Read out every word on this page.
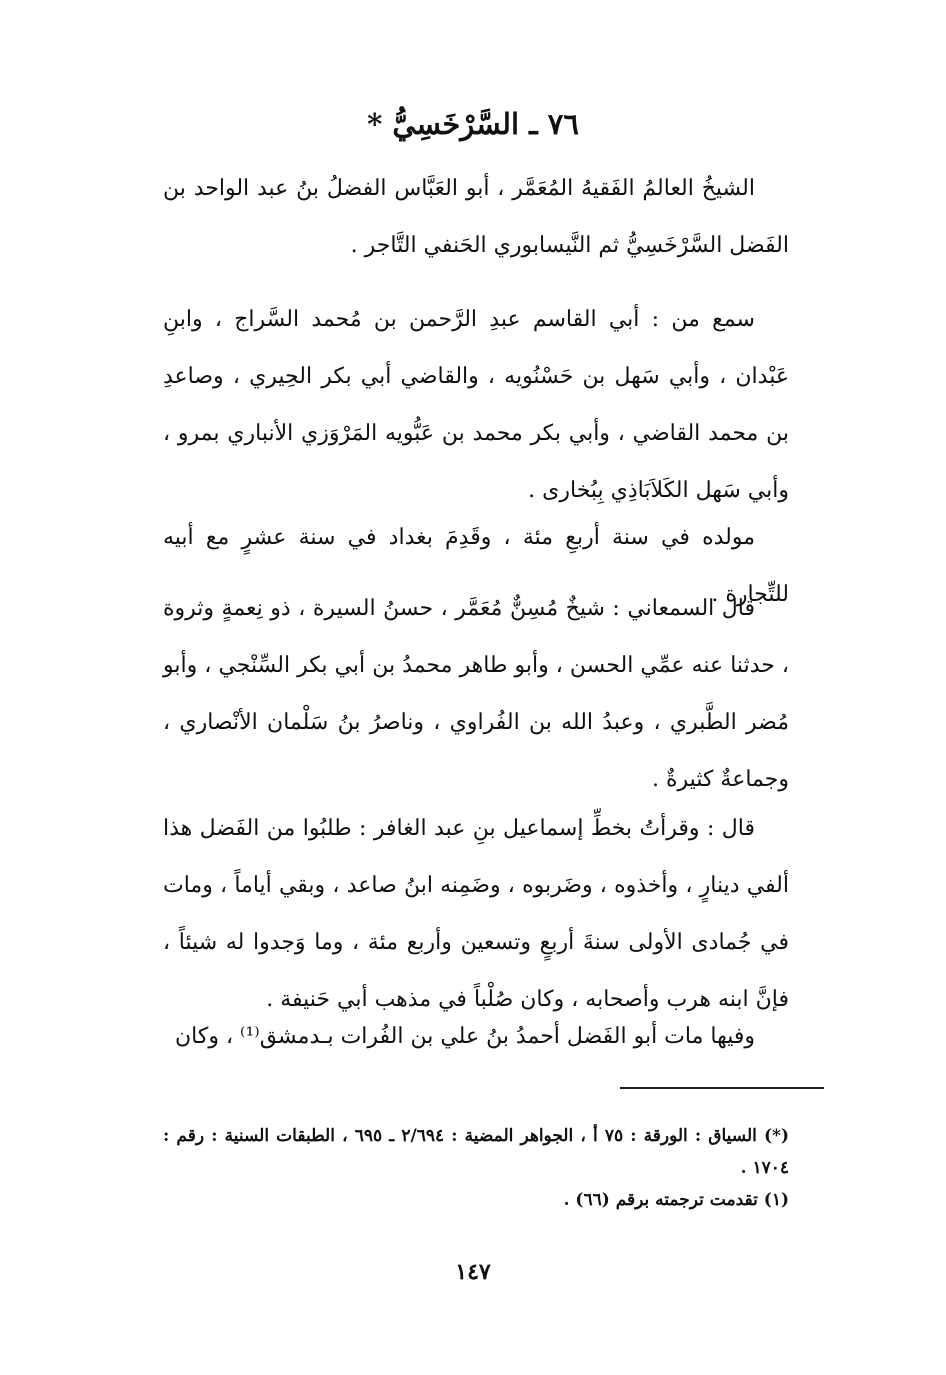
٧٦ ـ السَّرْخَسِيُّ *

الشيخُ العالمُ الفَقيهُ المُعَمَّر ، أبو العَبَّاس الفضلُ بنُ عبد الواحد بن الفَضل السَّرْخَسِيُّ ثم النَّيسابوري الحَنفي التَّاجر .

سمع من : أبي القاسم عبدِ الرَّحمن بن مُحمد السَّراج ، وابنِ عَبْدان ، وأبي سَهل بن حَسْنُويه ، والقاضي أبي بكر الحِيري ، وصاعدِ بن محمد القاضي ، وأبي بكر محمد بن عَبُّويه المَرْوَزي الأنباري بمرو ، وأبي سَهل الكَلاَبَاذِي بِبُخارى .

مولده في سنة أربعِ مئة ، وقَدِمَ بغداد في سنة عشرٍ مع أبيه للتِّجارة .

قال السمعاني : شيخٌ مُسِنٌّ مُعَمَّر ، حسنُ السيرة ، ذو نِعمةٍ وثروة ، حدثنا عنه عمِّي الحسن ، وأبو طاهر محمدُ بن أبي بكر السِّنْجي ، وأبو مُضر الطَّبري ، وعبدُ الله بن الفُراوي ، وناصرُ بنُ سَلْمان الأنْصاري ، وجماعةٌ كثيرةٌ .

قال : وقرأتُ بخطِّ إسماعيل بنِ عبد الغافر : طلبُوا من الفَضل هذا ألفي دينارٍ ، وأخذوه ، وضَربوه ، وضَمِنه ابنُ صاعد ، وبقي أياماً ، ومات في جُمادى الأولى سنةَ أربعٍ وتسعين وأربع مئة ، وما وَجدوا له شيئاً ، فإنَّ ابنه هرب وأصحابه ، وكان صُلْباً في مذهب أبي حَنيفة .

وفيها مات أبو الفَضل أحمدُ بنُ علي بن الفُرات بـدمشق⁽¹⁾ ، وكان

(*) السياق : الورقة : ٧٥ أ ، الجواهر المضية : ٢/٦٩٤ ـ ٦٩٥ ، الطبقات السنية : رقم : ١٧٠٤ .

(١) تقدمت ترجمته برقم (٦٦) .

١٤٧
